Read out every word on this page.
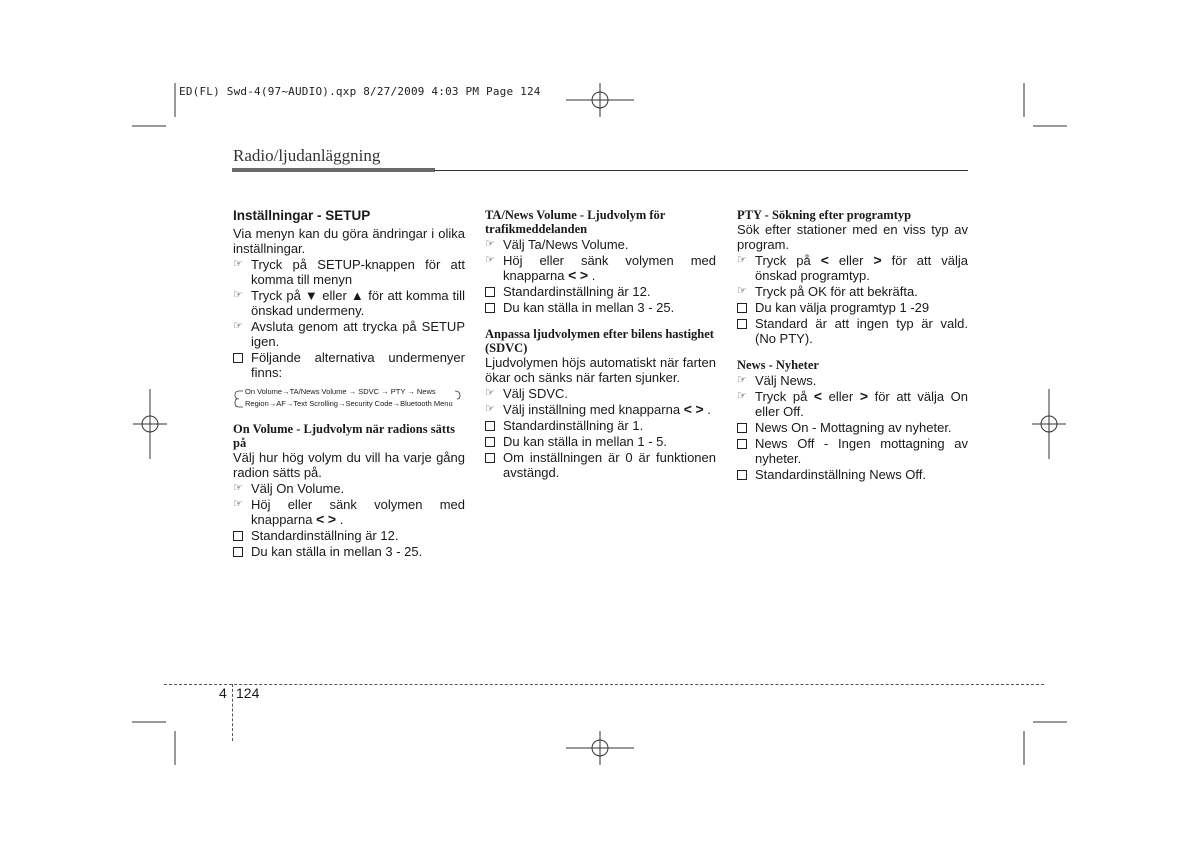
ED(FL) Swd-4(97~AUDIO).qxp 8/27/2009 4:03 PM Page 124
Radio/ljudanläggning

Inställningar - SETUP

Via menyn kan du göra ändringar i olika inställningar.

☞ Tryck på SETUP-knappen för att komma till menyn

☞ Tryck på ▼ eller ▲ för att komma till önskad undermeny.

☞ Avsluta genom att trycka på SETUP igen.

Följande alternativa undermenyer finns:

On Volume→TA/News Volume → SDVC → PTY → News
Region→AF→Text Scrolling→Security Code→Bluetooth Menu

On Volume - Ljudvolym när radions sätts på

Välj hur hög volym du vill ha varje gång radion sätts på.

☞ Välj On Volume.

☞ Höj eller sänk volymen med knapparna < > .

Standardinställning är 12.

Du kan ställa in mellan 3 - 25.

TA/News Volume - Ljudvolym för trafikmeddelanden

☞ Välj Ta/News Volume.

☞ Höj eller sänk volymen med knapparna < > .

Standardinställning är 12.

Du kan ställa in mellan 3 - 25.

Anpassa ljudvolymen efter bilens hastighet (SDVC)

Ljudvolymen höjs automatiskt när farten ökar och sänks när farten sjunker.

☞ Välj SDVC.

☞ Välj inställning med knapparna < > .

Standardinställning är 1.

Du kan ställa in mellan 1 - 5.

Om inställningen är 0 är funktionen avstängd.

PTY - Sökning efter programtyp

Sök efter stationer med en viss typ av program.

☞ Tryck på < eller > för att välja önskad programtyp.

☞ Tryck på OK för att bekräfta.

Du kan välja programtyp 1 -29

Standard är att ingen typ är vald. (No PTY).

News - Nyheter

☞ Välj News.

☞ Tryck på < eller > för att välja On eller Off.

News On - Mottagning av nyheter.

News Off - Ingen mottagning av nyheter.

Standardinställning News Off.

4 124
